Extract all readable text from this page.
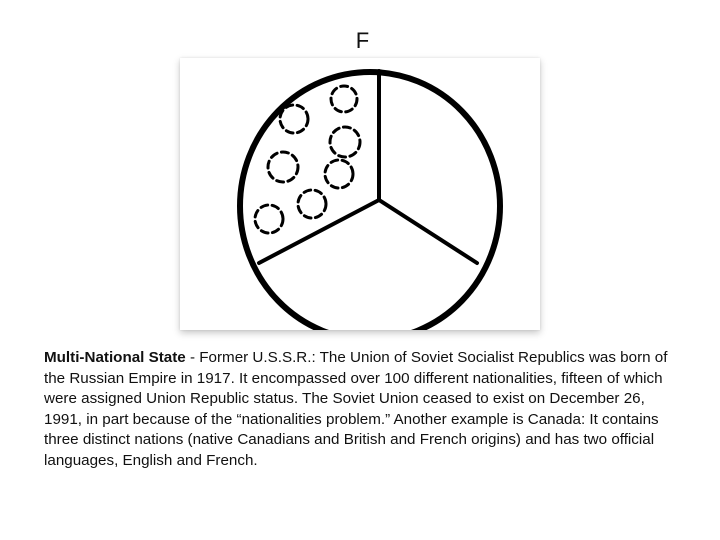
F
Multi-National State - Former U.S.S.R.: The Union of Soviet Socialist Republics was born of the Russian Empire in 1917. It encompassed over 100 different nationalities, fifteen of which were assigned Union Republic status. The Soviet Union ceased to exist on December 26, 1991, in part because of the “nationalities problem.” Another example is Canada: It contains three distinct nations (native Canadians and British and French origins) and has two official languages, English and French.
